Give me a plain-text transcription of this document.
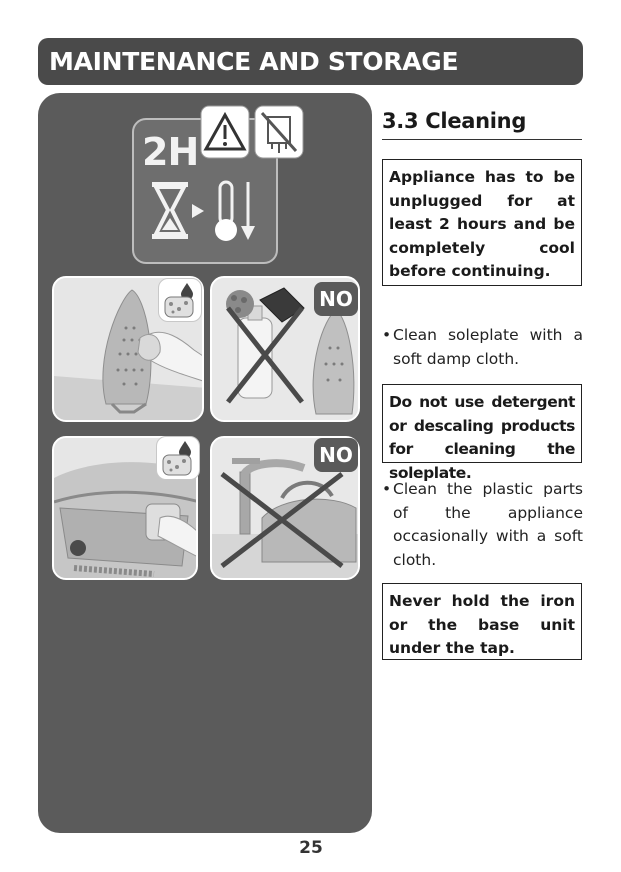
MAINTENANCE AND STORAGE
2H
NO
NO
3.3 Cleaning
Appliance has to be unplugged for at least 2 hours and be completely cool before continuing.
• Clean soleplate with a soft damp cloth.
Do not use detergent or descaling products for cleaning the soleplate.
• Clean the plastic parts of the appliance occasionally with a soft cloth.
Never hold the iron or the base unit under the tap.
25
